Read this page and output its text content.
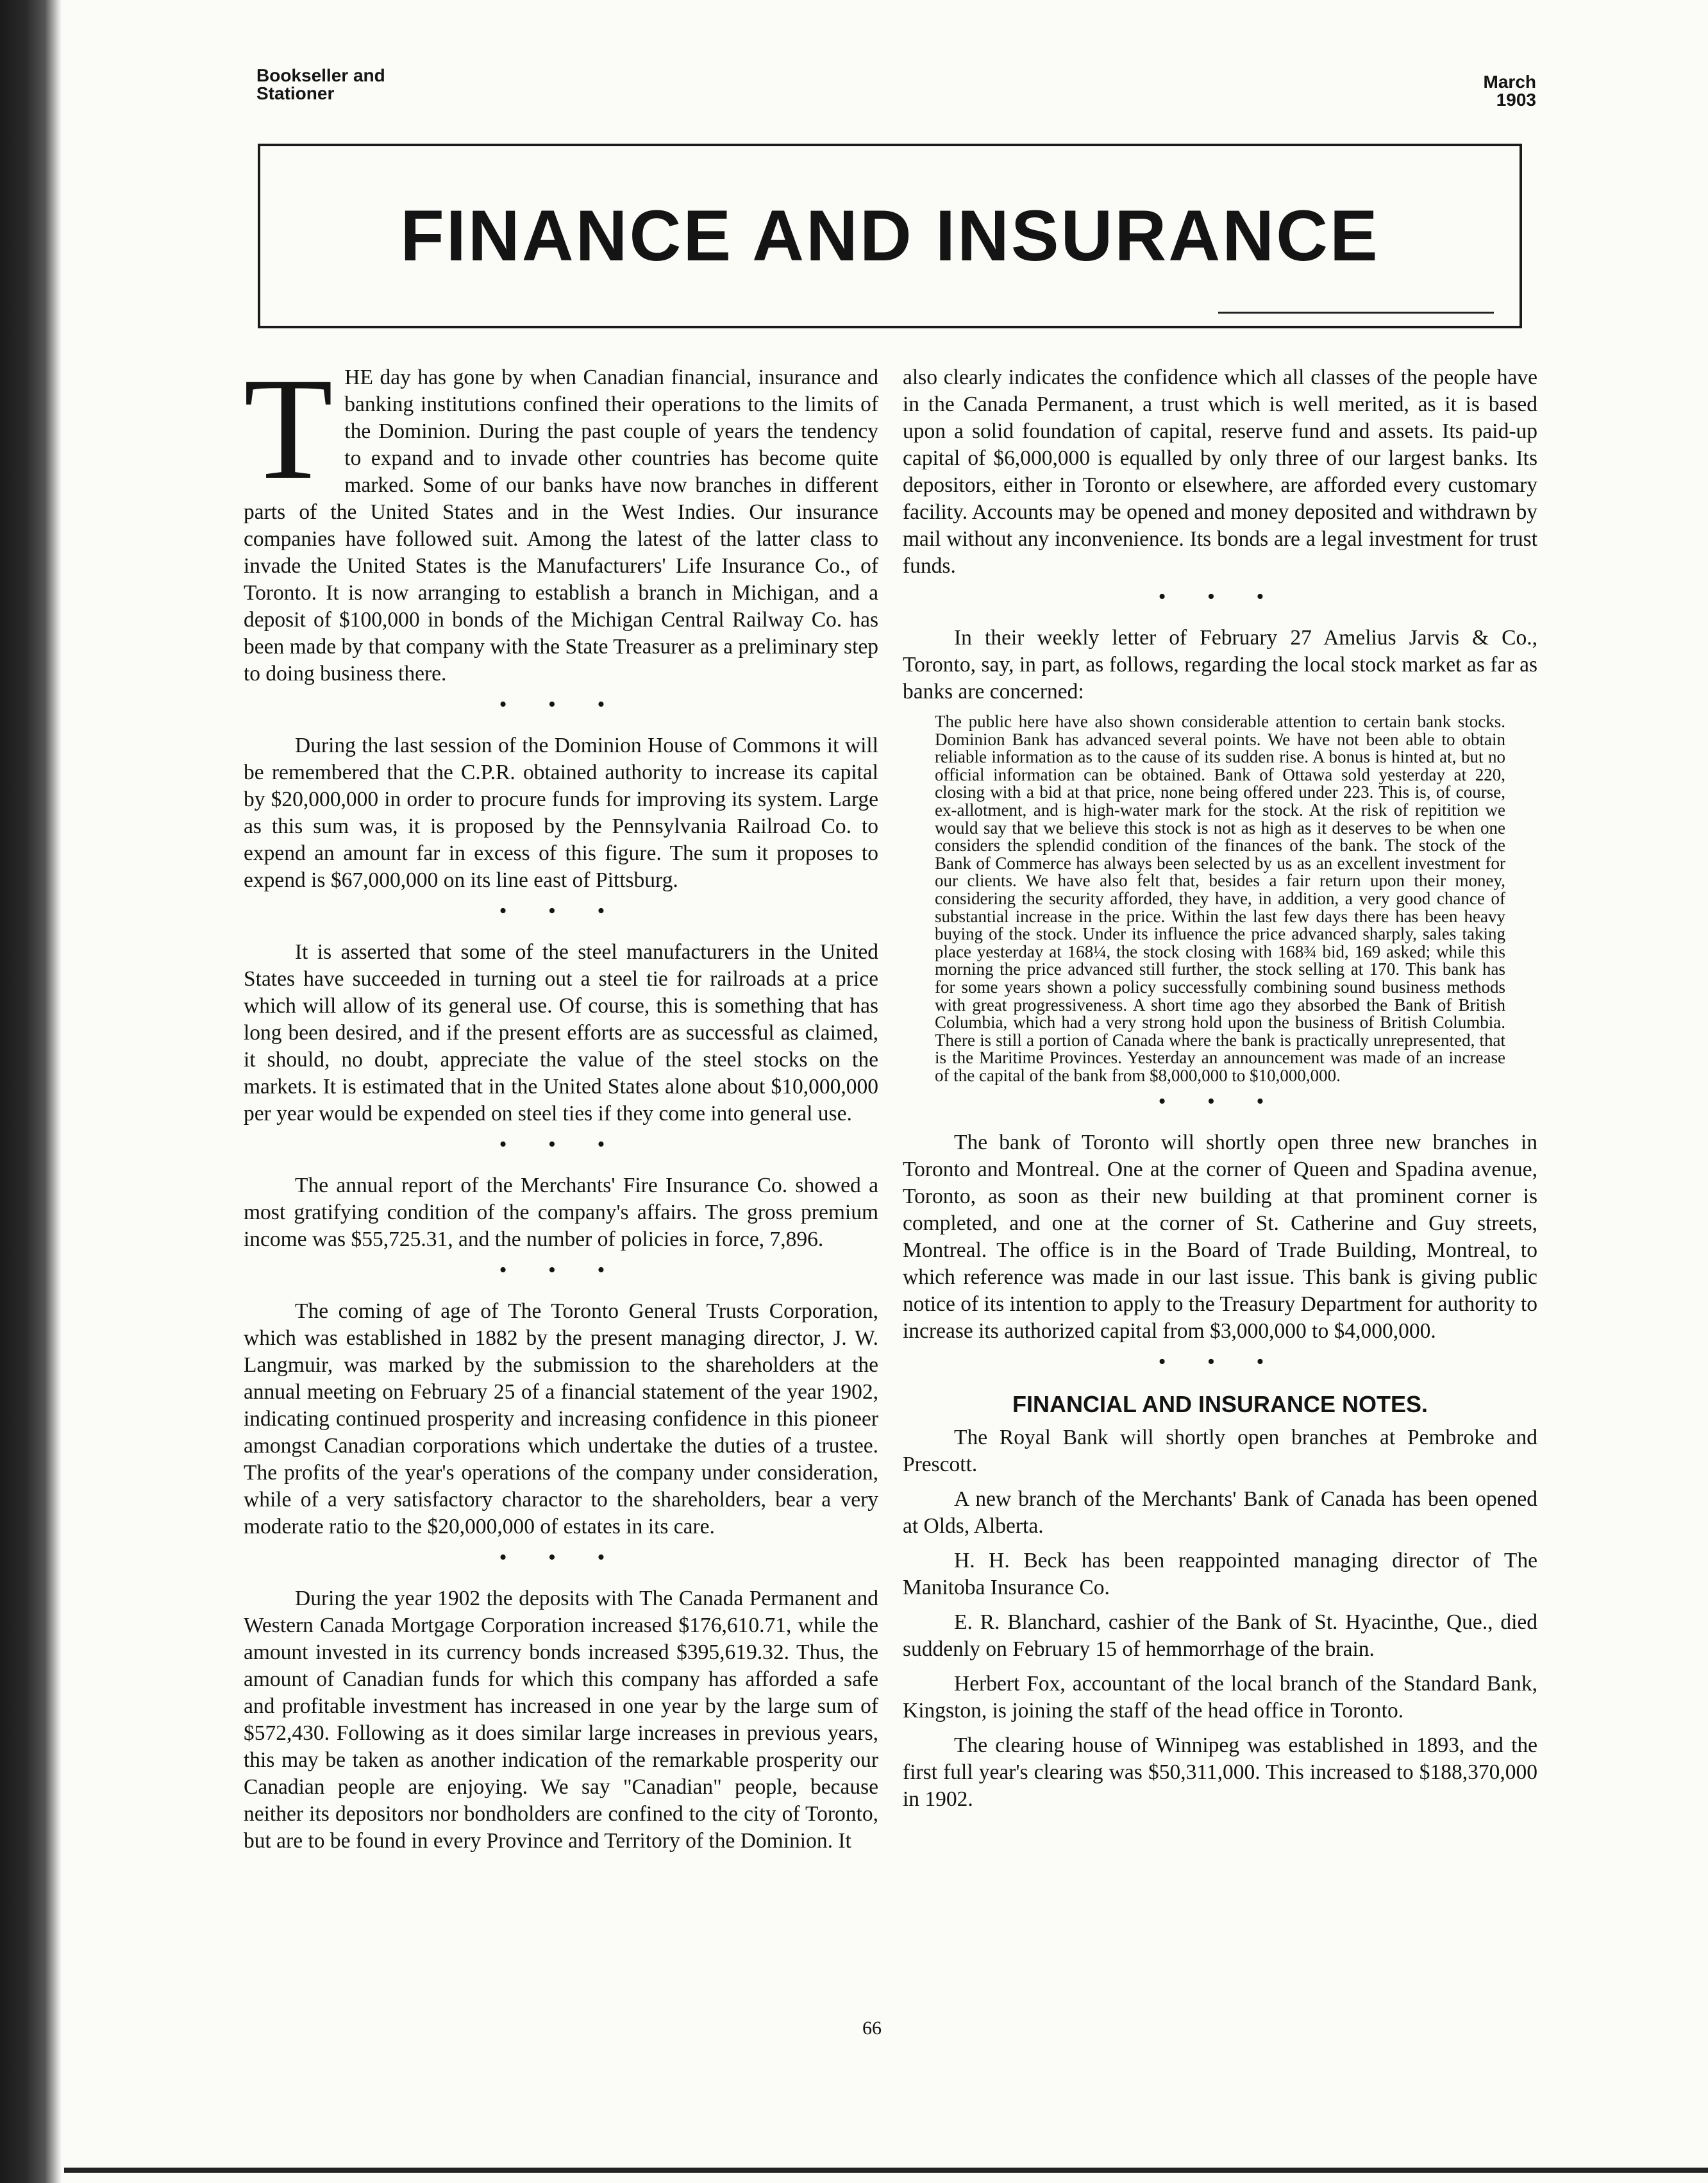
Bookseller and
Stationer
March
1903
FINANCE AND INSURANCE

THE day has gone by when Canadian financial, insurance and banking institutions confined their operations to the limits of the Dominion. During the past couple of years the tendency to expand and to invade other countries has become quite marked. Some of our banks have now branches in different parts of the United States and in the West Indies. Our insurance companies have followed suit. Among the latest of the latter class to invade the United States is the Manufacturers' Life Insurance Co., of Toronto. It is now arranging to establish a branch in Michigan, and a deposit of $100,000 in bonds of the Michigan Central Railway Co. has been made by that company with the State Treasurer as a preliminary step to doing business there.

• • •

During the last session of the Dominion House of Commons it will be remembered that the C.P.R. obtained authority to increase its capital by $20,000,000 in order to procure funds for improving its system. Large as this sum was, it is proposed by the Pennsylvania Railroad Co. to expend an amount far in excess of this figure. The sum it proposes to expend is $67,000,000 on its line east of Pittsburg.

• • •

It is asserted that some of the steel manufacturers in the United States have succeeded in turning out a steel tie for railroads at a price which will allow of its general use. Of course, this is something that has long been desired, and if the present efforts are as successful as claimed, it should, no doubt, appreciate the value of the steel stocks on the markets. It is estimated that in the United States alone about $10,000,000 per year would be expended on steel ties if they come into general use.

• • •

The annual report of the Merchants' Fire Insurance Co. showed a most gratifying condition of the company's affairs. The gross premium income was $55,725.31, and the number of policies in force, 7,896.

• • •

The coming of age of The Toronto General Trusts Corporation, which was established in 1882 by the present managing director, J. W. Langmuir, was marked by the submission to the shareholders at the annual meeting on February 25 of a financial statement of the year 1902, indicating continued prosperity and increasing confidence in this pioneer amongst Canadian corporations which undertake the duties of a trustee. The profits of the year's operations of the company under consideration, while of a very satisfactory charactor to the shareholders, bear a very moderate ratio to the $20,000,000 of estates in its care.

• • •

During the year 1902 the deposits with The Canada Permanent and Western Canada Mortgage Corporation increased $176,610.71, while the amount invested in its currency bonds increased $395,619.32. Thus, the amount of Canadian funds for which this company has afforded a safe and profitable investment has increased in one year by the large sum of $572,430. Following as it does similar large increases in previous years, this may be taken as another indication of the remarkable prosperity our Canadian people are enjoying. We say "Canadian" people, because neither its depositors nor bondholders are confined to the city of Toronto, but are to be found in every Province and Territory of the Dominion. It

also clearly indicates the confidence which all classes of the people have in the Canada Permanent, a trust which is well merited, as it is based upon a solid foundation of capital, reserve fund and assets. Its paid-up capital of $6,000,000 is equalled by only three of our largest banks. Its depositors, either in Toronto or elsewhere, are afforded every customary facility. Accounts may be opened and money deposited and withdrawn by mail without any inconvenience. Its bonds are a legal investment for trust funds.

• • •

In their weekly letter of February 27 Amelius Jarvis & Co., Toronto, say, in part, as follows, regarding the local stock market as far as banks are concerned:

The public here have also shown considerable attention to certain bank stocks. Dominion Bank has advanced several points. We have not been able to obtain reliable information as to the cause of its sudden rise. A bonus is hinted at, but no official information can be obtained. Bank of Ottawa sold yesterday at 220, closing with a bid at that price, none being offered under 223. This is, of course, ex-allotment, and is high-water mark for the stock. At the risk of repitition we would say that we believe this stock is not as high as it deserves to be when one considers the splendid condition of the finances of the bank. The stock of the Bank of Commerce has always been selected by us as an excellent investment for our clients. We have also felt that, besides a fair return upon their money, considering the security afforded, they have, in addition, a very good chance of substantial increase in the price. Within the last few days there has been heavy buying of the stock. Under its influence the price advanced sharply, sales taking place yesterday at 168¼, the stock closing with 168¾ bid, 169 asked; while this morning the price advanced still further, the stock selling at 170. This bank has for some years shown a policy successfully combining sound business methods with great progressiveness. A short time ago they absorbed the Bank of British Columbia, which had a very strong hold upon the business of British Columbia. There is still a portion of Canada where the bank is practically unrepresented, that is the Maritime Provinces. Yesterday an announcement was made of an increase of the capital of the bank from $8,000,000 to $10,000,000.
• • •

The bank of Toronto will shortly open three new branches in Toronto and Montreal. One at the corner of Queen and Spadina avenue, Toronto, as soon as their new building at that prominent corner is completed, and one at the corner of St. Catherine and Guy streets, Montreal. The office is in the Board of Trade Building, Montreal, to which reference was made in our last issue. This bank is giving public notice of its intention to apply to the Treasury Department for authority to increase its authorized capital from $3,000,000 to $4,000,000.

• • •
FINANCIAL AND INSURANCE NOTES.

The Royal Bank will shortly open branches at Pembroke and Prescott.

A new branch of the Merchants' Bank of Canada has been opened at Olds, Alberta.

H. H. Beck has been reappointed managing director of The Manitoba Insurance Co.

E. R. Blanchard, cashier of the Bank of St. Hyacinthe, Que., died suddenly on February 15 of hemmorrhage of the brain.

Herbert Fox, accountant of the local branch of the Standard Bank, Kingston, is joining the staff of the head office in Toronto.

The clearing house of Winnipeg was established in 1893, and the first full year's clearing was $50,311,000. This increased to $188,370,000 in 1902.

66
